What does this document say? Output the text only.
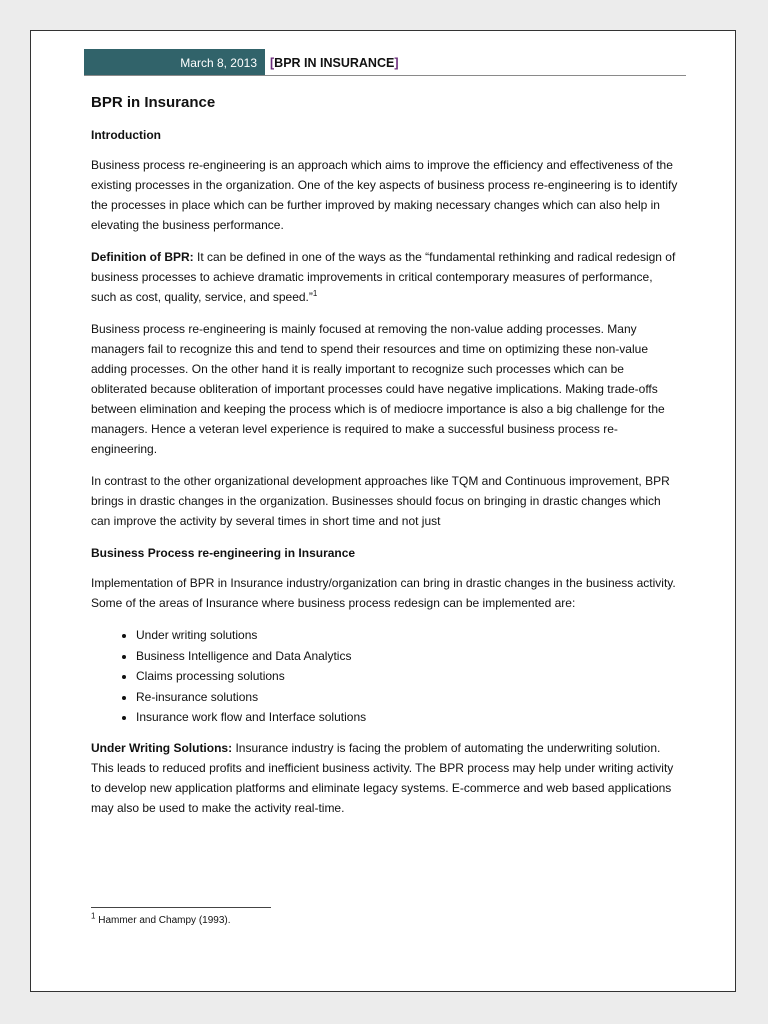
March 8, 2013 [ BPR IN INSURANCE ]
BPR in Insurance
Introduction

Business process re-engineering is an approach which aims to improve the efficiency and effectiveness of the existing processes in the organization. One of the key aspects of business process re-engineering is to identify the processes in place which can be further improved by making necessary changes which can also help in elevating the business performance.

Definition of BPR: It can be defined in one of the ways as the “fundamental rethinking and radical redesign of business processes to achieve dramatic improvements in critical contemporary measures of performance, such as cost, quality, service, and speed.”$^1$

Business process re-engineering is mainly focused at removing the non-value adding processes. Many managers fail to recognize this and tend to spend their resources and time on optimizing these non-value adding processes. On the other hand it is really important to recognize such processes which can be obliterated because obliteration of important processes could have negative implications. Making trade-offs between elimination and keeping the process which is of mediocre importance is also a big challenge for the managers. Hence a veteran level experience is required to make a successful business process re-engineering.

In contrast to the other organizational development approaches like TQM and Continuous improvement, BPR brings in drastic changes in the organization. Businesses should focus on bringing in drastic changes which can improve the activity by several times in short time and not just

Business Process re-engineering in Insurance

Implementation of BPR in Insurance industry/organization can bring in drastic changes in the business activity. Some of the areas of Insurance where business process redesign can be implemented are:

• Under writing solutions
• Business Intelligence and Data Analytics
• Claims processing solutions
• Re-insurance solutions
• Insurance work flow and Interface solutions

Under Writing Solutions: Insurance industry is facing the problem of automating the underwriting solution. This leads to reduced profits and inefficient business activity. The BPR process may help under writing activity to develop new application platforms and eliminate legacy systems. E-commerce and web based applications may also be used to make the activity real-time.

$^1$ Hammer and Champy (1993).
